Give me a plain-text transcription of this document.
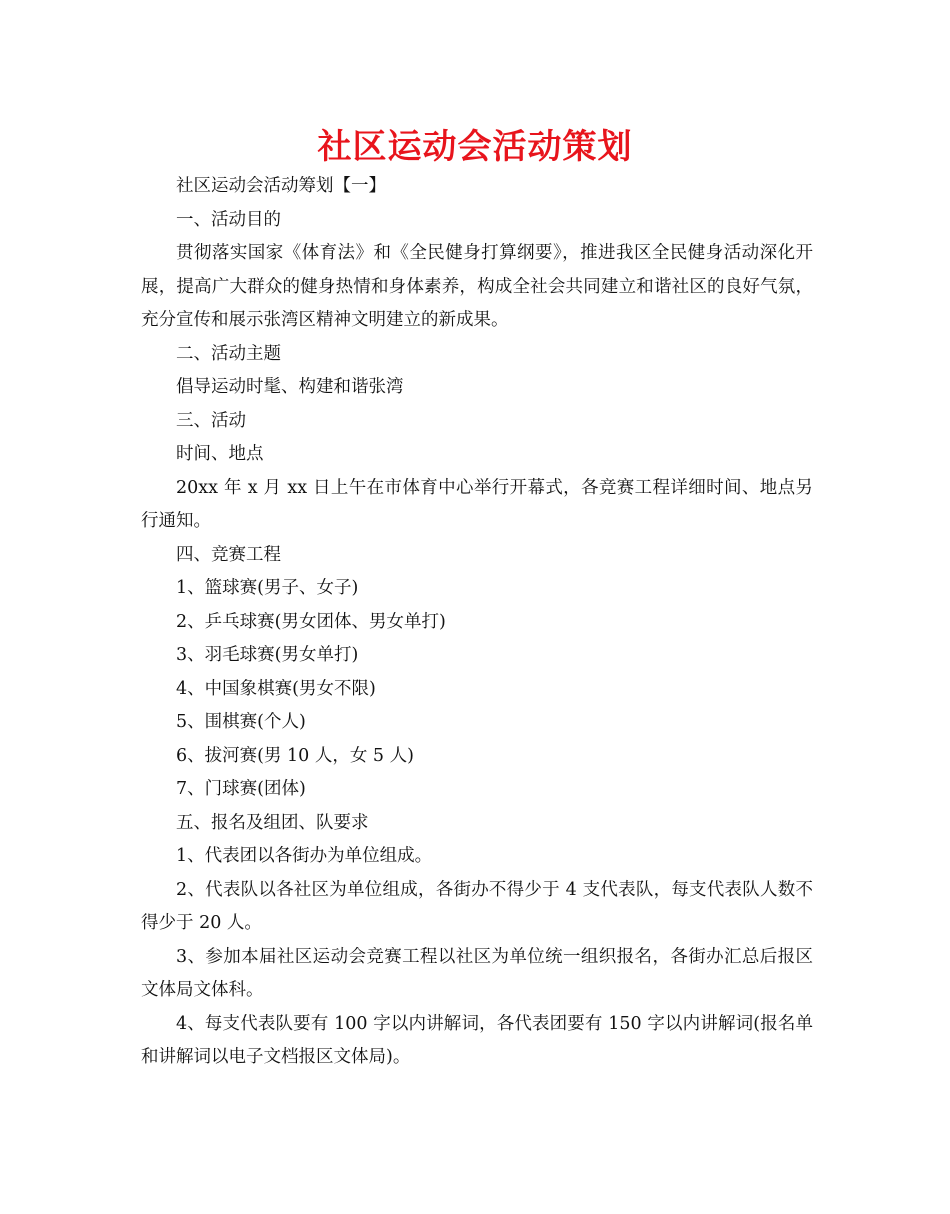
社区运动会活动策划

社区运动会活动筹划【一】

一、活动目的

贯彻落实国家《体育法》和《全民健身打算纲要》，推进我区全民健身活动深化开展，提高广大群众的健身热情和身体素养，构成全社会共同建立和谐社区的良好气氛，充分宣传和展示张湾区精神文明建立的新成果。

二、活动主题

倡导运动时髦、构建和谐张湾

三、活动

时间、地点

20xx 年 x 月 xx 日上午在市体育中心举行开幕式，各竞赛工程详细时间、地点另行通知。

四、竞赛工程

1、篮球赛(男子、女子)

2、乒乓球赛(男女团体、男女单打)

3、羽毛球赛(男女单打)

4、中国象棋赛(男女不限)

5、围棋赛(个人)

6、拔河赛(男 10 人，女 5 人)

7、门球赛(团体)

五、报名及组团、队要求

1、代表团以各街办为单位组成。

2、代表队以各社区为单位组成，各街办不得少于 4 支代表队，每支代表队人数不得少于 20 人。

3、参加本届社区运动会竞赛工程以社区为单位统一组织报名，各街办汇总后报区文体局文体科。

4、每支代表队要有 100 字以内讲解词，各代表团要有 150 字以内讲解词(报名单和讲解词以电子文档报区文体局)。
